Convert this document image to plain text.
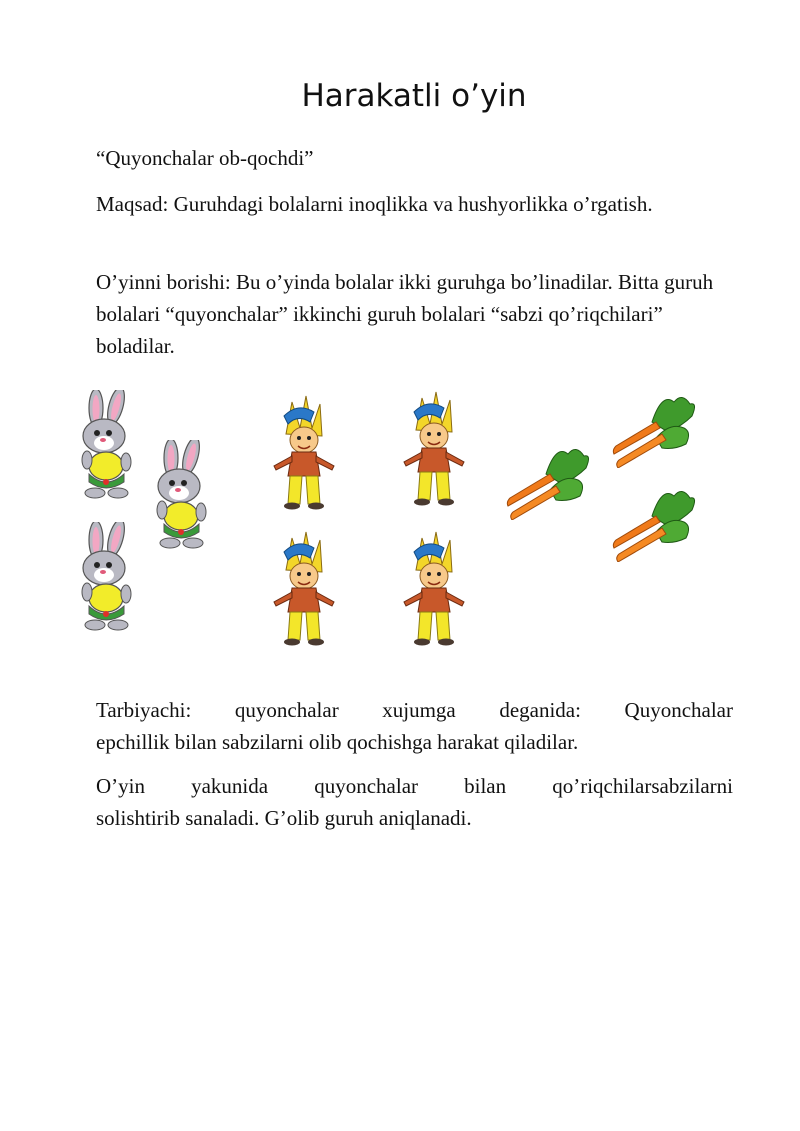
Harakatli o’yin

“Quyonchalar ob-qochdi”

Maqsad: Guruhdagi bolalarni inoqlikka va hushyorlikka o’rgatish.

O’yinni borishi: Bu o’yinda bolalar ikki guruhga bo’linadilar. Bitta guruh bolalari “quyonchalar” ikkinchi guruh bolalari “sabzi qo’riqchilari” boladilar.

Tarbiyachi: quyonchalar xujumga deganida: Quyonchalar
epchillik bilan sabzilarni olib qochishga harakat qiladilar.

O’yin yakunida quyonchalar bilan qo’riqchilarsabzilarni
solishtirib sanaladi. G’olib guruh aniqlanadi.
